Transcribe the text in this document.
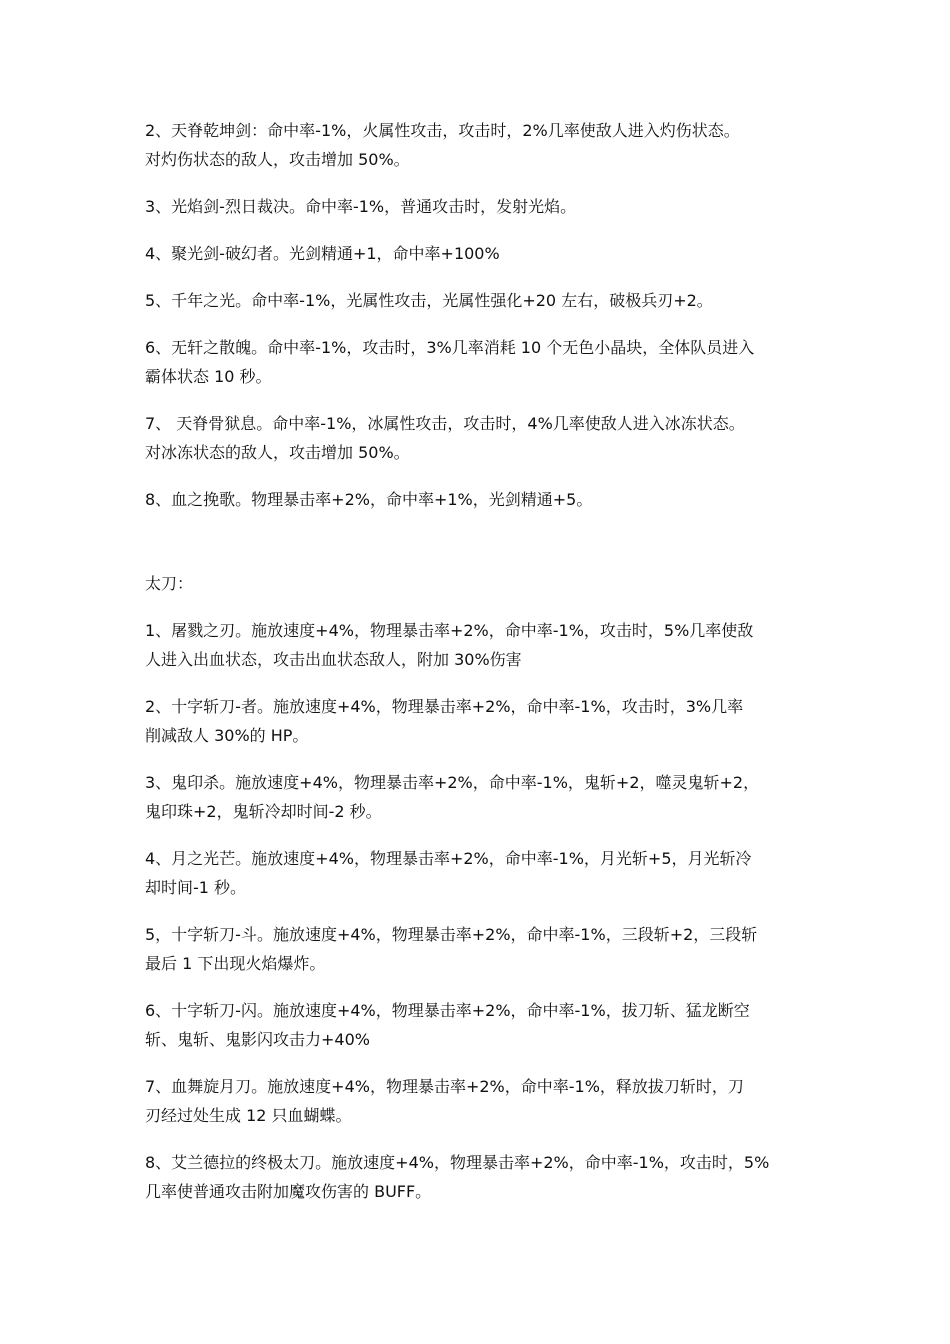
2、天脊乾坤剑：命中率-1%，火属性攻击，攻击时，2%几率使敌人进入灼伤状态。
对灼伤状态的敌人，攻击增加 50%。

3、光焰剑-烈日裁决。命中率-1%，普通攻击时，发射光焰。

4、聚光剑-破幻者。光剑精通+1，命中率+100%

5、千年之光。命中率-1%，光属性攻击，光属性强化+20 左右，破极兵刃+2。

6、无轩之散魄。命中率-1%，攻击时，3%几率消耗 10 个无色小晶块，全体队员进入
霸体状态 10 秒。

7、 天脊骨狱息。命中率-1%，冰属性攻击，攻击时，4%几率使敌人进入冰冻状态。
对冰冻状态的敌人，攻击增加 50%。

8、血之挽歌。物理暴击率+2%，命中率+1%，光剑精通+5。

太刀：

1、屠戮之刃。施放速度+4%，物理暴击率+2%，命中率-1%，攻击时，5%几率使敌
人进入出血状态，攻击出血状态敌人，附加 30%伤害

2、十字斩刀-者。施放速度+4%，物理暴击率+2%，命中率-1%，攻击时，3%几率
削减敌人 30%的 HP。

3、鬼印杀。施放速度+4%，物理暴击率+2%，命中率-1%，鬼斩+2，噬灵鬼斩+2，
鬼印珠+2，鬼斩冷却时间-2 秒。

4、月之光芒。施放速度+4%，物理暴击率+2%，命中率-1%，月光斩+5，月光斩冷
却时间-1 秒。

5，十字斩刀-斗。施放速度+4%，物理暴击率+2%，命中率-1%，三段斩+2，三段斩
最后 1 下出现火焰爆炸。

6、十字斩刀-闪。施放速度+4%，物理暴击率+2%，命中率-1%，拔刀斩、猛龙断空
斩、鬼斩、鬼影闪攻击力+40%

7、血舞旋月刀。施放速度+4%，物理暴击率+2%，命中率-1%，释放拔刀斩时，刀
刃经过处生成 12 只血蝴蝶。

8、艾兰德拉的终极太刀。施放速度+4%，物理暴击率+2%，命中率-1%，攻击时，5%
几率使普通攻击附加魔攻伤害的 BUFF。
